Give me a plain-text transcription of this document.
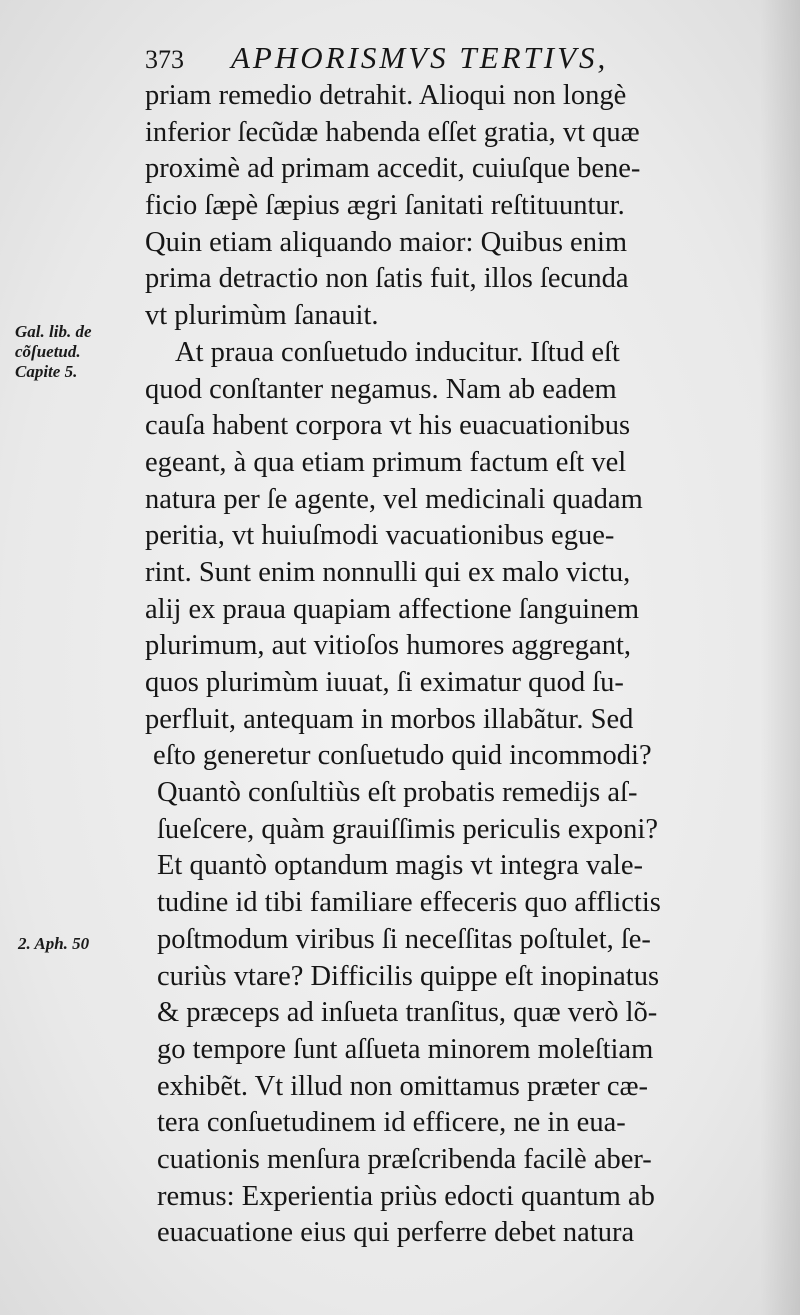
373 APHORISMVS TERTIVS,
Gal. lib. de
cõſuetud.
Capite 5.
2. Aph. 50
priam remedio detrahit. Alioqui non longè
inferior ſecũdæ habenda eſſet gratia, vt quæ
proximè ad primam accedit, cuiuſque bene-
ficio ſæpè ſæpius ægri ſanitati reſtituuntur.
Quin etiam aliquando maior: Quibus enim
prima detractio non ſatis fuit, illos ſecunda
vt plurimùm ſanauit.
At praua conſuetudo inducitur. Iſtud eſt
quod conſtanter negamus. Nam ab eadem
cauſa habent corpora vt his euacuationibus
egeant, à qua etiam primum factum eſt vel
natura per ſe agente, vel medicinali quadam
peritia, vt huiuſmodi vacuationibus egue-
rint. Sunt enim nonnulli qui ex malo victu,
alij ex praua quapiam affectione ſanguinem
plurimum, aut vitioſos humores aggregant,
quos plurimùm iuuat, ſi eximatur quod ſu-
perfluit, antequam in morbos illabãtur. Sed
eſto generetur conſuetudo quid incommodi?
Quantò conſultiùs eſt probatis remedijs aſ-
ſueſcere, quàm grauiſſimis periculis exponi?
Et quantò optandum magis vt integra vale-
tudine id tibi familiare effeceris quo afflictis
poſtmodum viribus ſi neceſſitas poſtulet, ſe-
curiùs vtare? Difficilis quippe eſt inopinatus
& præceps ad inſueta tranſitus, quæ verò lõ-
go tempore ſunt aſſueta minorem moleſtiam
exhibẽt. Vt illud non omittamus præter cæ-
tera conſuetudinem id efficere, ne in eua-
cuationis menſura præſcribenda facilè aber-
remus: Experientia priùs edocti quantum ab
euacuatione eius qui perferre debet natura
